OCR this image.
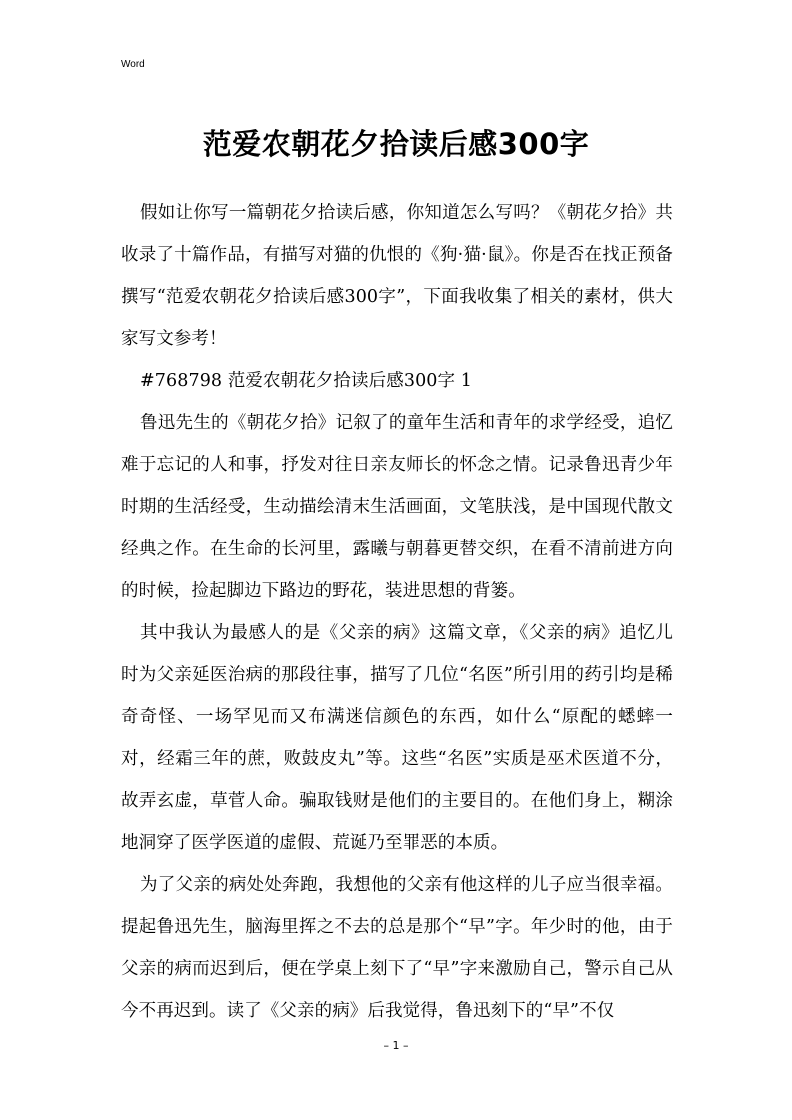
Word
范爱农朝花夕拾读后感300字

假如让你写一篇朝花夕拾读后感，你知道怎么写吗？《朝花夕拾》共收录了十篇作品，有描写对猫的仇恨的《狗·猫·鼠》。你是否在找正预备撰写“范爱农朝花夕拾读后感300字”，下面我收集了相关的素材，供大家写文参考！

#768798 范爱农朝花夕拾读后感300字 1

鲁迅先生的《朝花夕拾》记叙了的童年生活和青年的求学经受，追忆难于忘记的人和事，抒发对往日亲友师长的怀念之情。记录鲁迅青少年时期的生活经受，生动描绘清末生活画面，文笔肤浅，是中国现代散文经典之作。在生命的长河里，露曦与朝暮更替交织，在看不清前进方向的时候，捡起脚边下路边的野花，装进思想的背篓。

其中我认为最感人的是《父亲的病》这篇文章，《父亲的病》追忆儿时为父亲延医治病的那段往事，描写了几位“名医”所引用的药引均是稀奇奇怪、一场罕见而又布满迷信颜色的东西，如什么“原配的蟋蟀一对，经霜三年的蔗，败鼓皮丸”等。这些“名医”实质是巫术医道不分，故弄玄虚，草菅人命。骗取钱财是他们的主要目的。在他们身上，糊涂地洞穿了医学医道的虚假、荒诞乃至罪恶的本质。

为了父亲的病处处奔跑，我想他的父亲有他这样的儿子应当很幸福。提起鲁迅先生，脑海里挥之不去的总是那个“早”字。年少时的他，由于父亲的病而迟到后，便在学桌上刻下了“早”字来激励自己，警示自己从今不再迟到。读了《父亲的病》后我觉得，鲁迅刻下的“早”不仅

– 1 –
